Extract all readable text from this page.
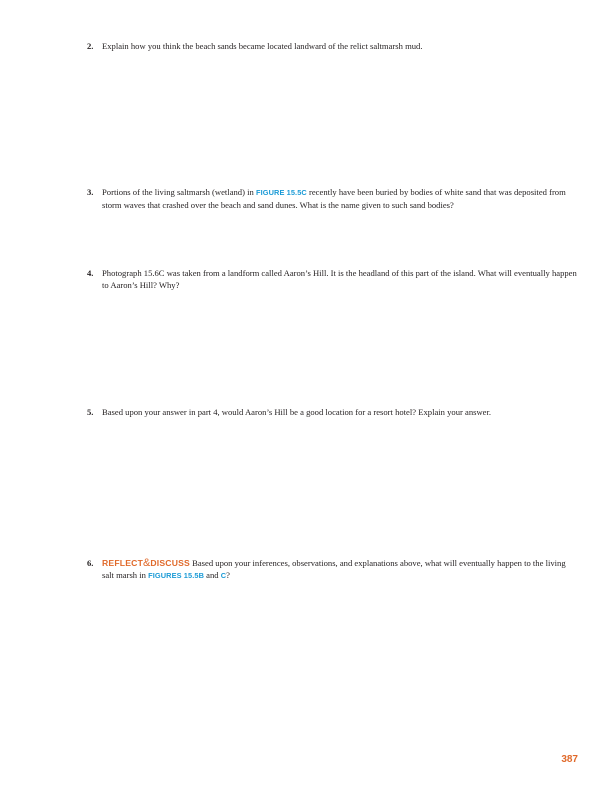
2. Explain how you think the beach sands became located landward of the relict saltmarsh mud.
3. Portions of the living saltmarsh (wetland) in FIGURE 15.5C recently have been buried by bodies of white sand that was deposited from storm waves that crashed over the beach and sand dunes. What is the name given to such sand bodies?
4. Photograph 15.6C was taken from a landform called Aaron’s Hill. It is the headland of this part of the island. What will eventually happen to Aaron’s Hill? Why?
5. Based upon your answer in part 4, would Aaron’s Hill be a good location for a resort hotel? Explain your answer.
6. REFLECT&DISCUSS Based upon your inferences, observations, and explanations above, what will eventually happen to the living salt marsh in FIGURES 15.5B and C?
387
